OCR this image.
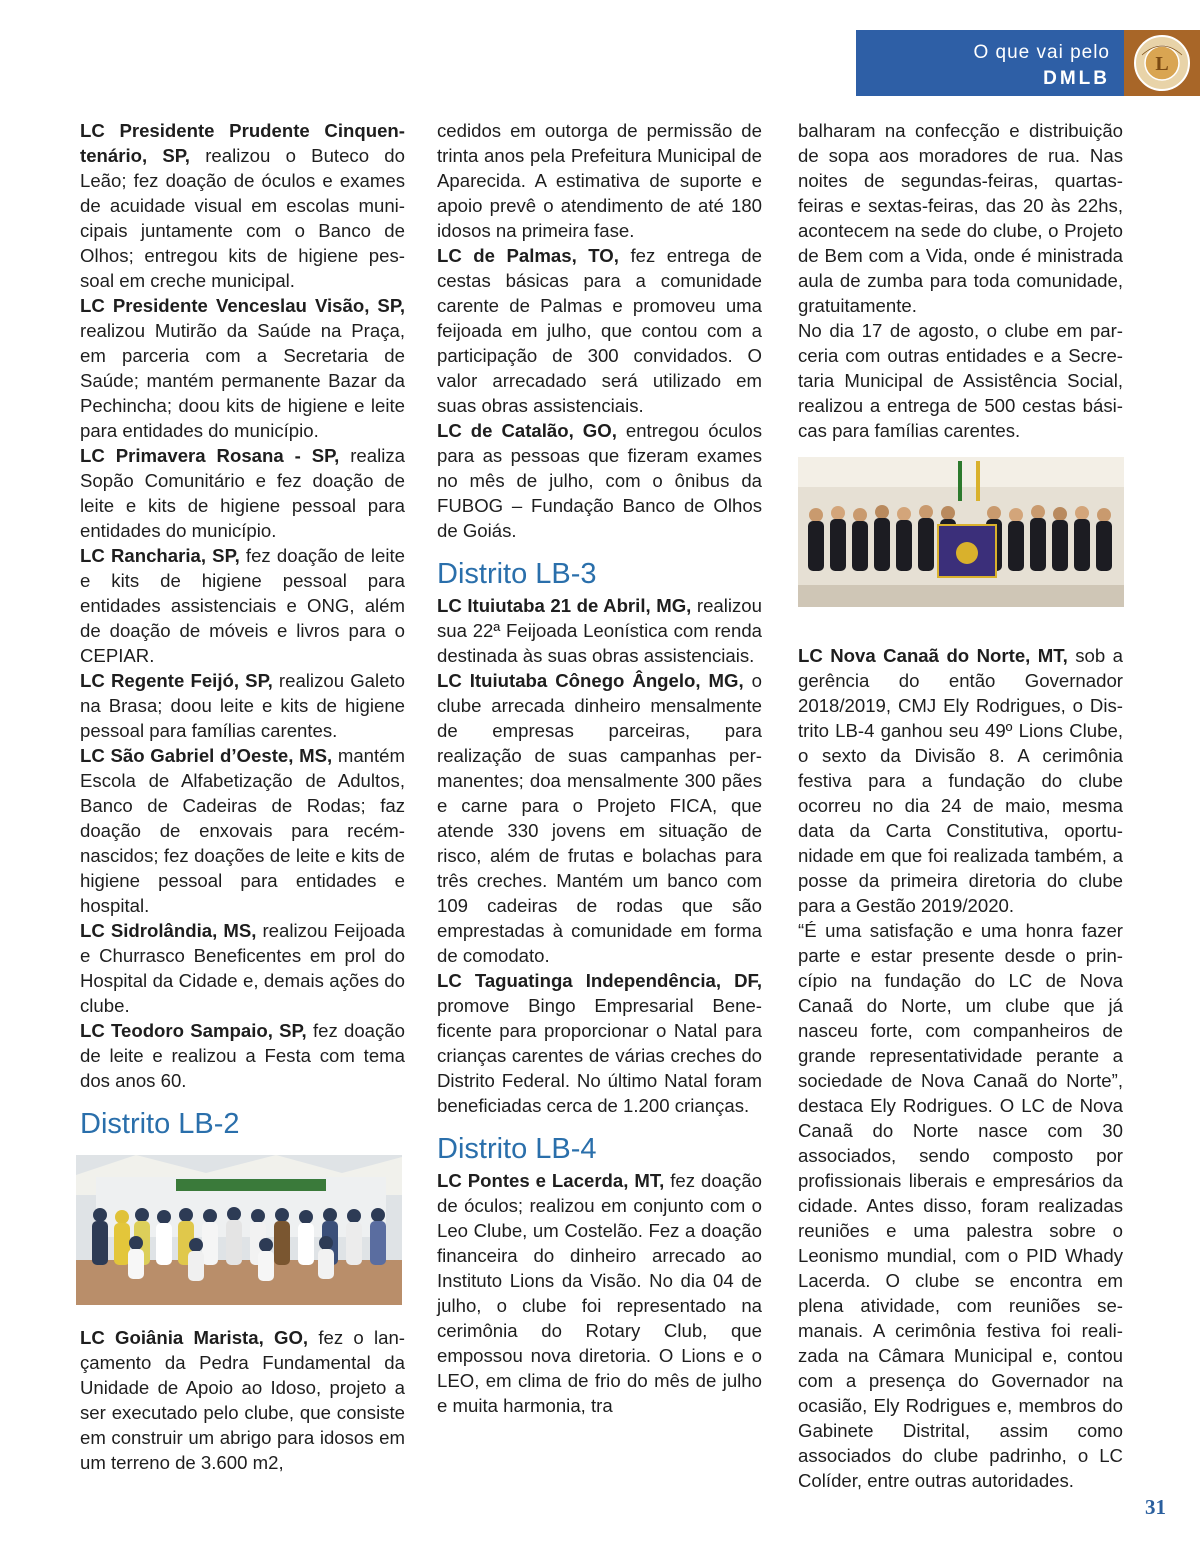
O que vai pelo
DMLB
L

LC Presidente Prudente Cinquentenário, SP, realizou o Buteco do Leão; fez doação de óculos e exames de acuidade visual em escolas municipais juntamente com o Banco de Olhos; entregou kits de higiene pessoal em creche municipal.

LC Presidente Venceslau Visão, SP, realizou Mutirão da Saúde na Praça, em parceria com a Secretaria de Saúde; mantém permanente Bazar da Pechincha; doou kits de higiene e leite para entidades do município.

LC Primavera Rosana - SP, realiza Sopão Comunitário e fez doação de leite e kits de higiene pessoal para entidades do município.

LC Rancharia, SP, fez doação de leite e kits de higiene pessoal para entidades assistenciais e ONG, além de doação de móveis e livros para o CEPIAR.

LC Regente Feijó, SP, realizou Galeto na Brasa; doou leite e kits de higiene pessoal para famílias carentes.

LC São Gabriel d’Oeste, MS, mantém Escola de Alfabetização de Adultos, Banco de Cadeiras de Rodas; faz doação de enxovais para recém-nascidos; fez doações de leite e kits de higiene pessoal para entidades e hospital.

LC Sidrolândia, MS, realizou Feijoada e Churrasco Beneficentes em prol do Hospital da Cidade e, demais ações do clube.

LC Teodoro Sampaio, SP, fez doação de leite e realizou a Festa com tema dos anos 60.

Distrito LB-2

LC Goiânia Marista, GO, fez o lançamento da Pedra Fundamental da Unidade de Apoio ao Idoso, projeto a ser executado pelo clube, que consiste em construir um abrigo para idosos em um terreno de 3.600 m2,

cedidos em outorga de permissão de trinta anos pela Prefeitura Municipal de Aparecida. A estimativa de suporte e apoio prevê o atendimento de até 180 idosos na primeira fase.

LC de Palmas, TO, fez entrega de cestas básicas para a comunidade carente de Palmas e promoveu uma feijoada em julho, que contou com a participação de 300 convidados. O valor arrecadado será utilizado em suas obras assistenciais.

LC de Catalão, GO, entregou óculos para as pessoas que fizeram exames no mês de julho, com o ônibus da FUBOG – Fundação Banco de Olhos de Goiás.

Distrito LB-3

LC Ituiutaba 21 de Abril, MG, realizou sua 22ª Feijoada Leonística com renda destinada às suas obras assistenciais.

LC Ituiutaba Cônego Ângelo, MG, o clube arrecada dinheiro mensalmente de empresas parceiras, para realização de suas campanhas permanentes; doa mensalmente 300 pães e carne para o Projeto FICA, que atende 330 jovens em situação de risco, além de frutas e bolachas para três creches. Mantém um banco com 109 cadeiras de rodas que são emprestadas à comunidade em forma de comodato.

LC Taguatinga Independência, DF, promove Bingo Empresarial Beneficente para proporcionar o Natal para crianças carentes de várias creches do Distrito Federal. No último Natal foram beneficiadas cerca de 1.200 crianças.

Distrito LB-4

LC Pontes e Lacerda, MT, fez doação de óculos; realizou em conjunto com o Leo Clube, um Costelão. Fez a doação financeira do dinheiro arrecado ao Instituto Lions da Visão. No dia 04 de julho, o clube foi representado na cerimônia do Rotary Club, que empossou nova diretoria. O Lions e o LEO, em clima de frio do mês de julho e muita harmonia, tra

balharam na confecção e distribuição de sopa aos moradores de rua. Nas noites de segundas-feiras, quartas-feiras e sextas-feiras, das 20 às 22hs, acontecem na sede do clube, o Projeto de Bem com a Vida, onde é ministrada aula de zumba para toda comunidade, gratuitamente.

No dia 17 de agosto, o clube em parceria com outras entidades e a Secretaria Municipal de Assistência Social, realizou a entrega de 500 cestas básicas para famílias carentes.

LC Nova Canaã do Norte, MT, sob a gerência do então Governador 2018/2019, CMJ Ely Rodrigues, o Distrito LB-4 ganhou seu 49º Lions Clube, o sexto da Divisão 8. A cerimônia festiva para a fundação do clube ocorreu no dia 24 de maio, mesma data da Carta Constitutiva, oportunidade em que foi realizada também, a posse da primeira diretoria do clube para a Gestão 2019/2020.

“É uma satisfação e uma honra fazer parte e estar presente desde o princípio na fundação do LC de Nova Canaã do Norte, um clube que já nasceu forte, com companheiros de grande representatividade perante a sociedade de Nova Canaã do Norte”, destaca Ely Rodrigues. O LC de Nova Canaã do Norte nasce com 30 associados, sendo composto por profissionais liberais e empresários da cidade. Antes disso, foram realizadas reuniões e uma palestra sobre o Leonismo mundial, com o PID Whady Lacerda. O clube se encontra em plena atividade, com reuniões semanais. A cerimônia festiva foi realizada na Câmara Municipal e, contou com a presença do Governador na ocasião, Ely Rodrigues e, membros do Gabinete Distrital, assim como associados do clube padrinho, o LC Colíder, entre outras autoridades.

31
